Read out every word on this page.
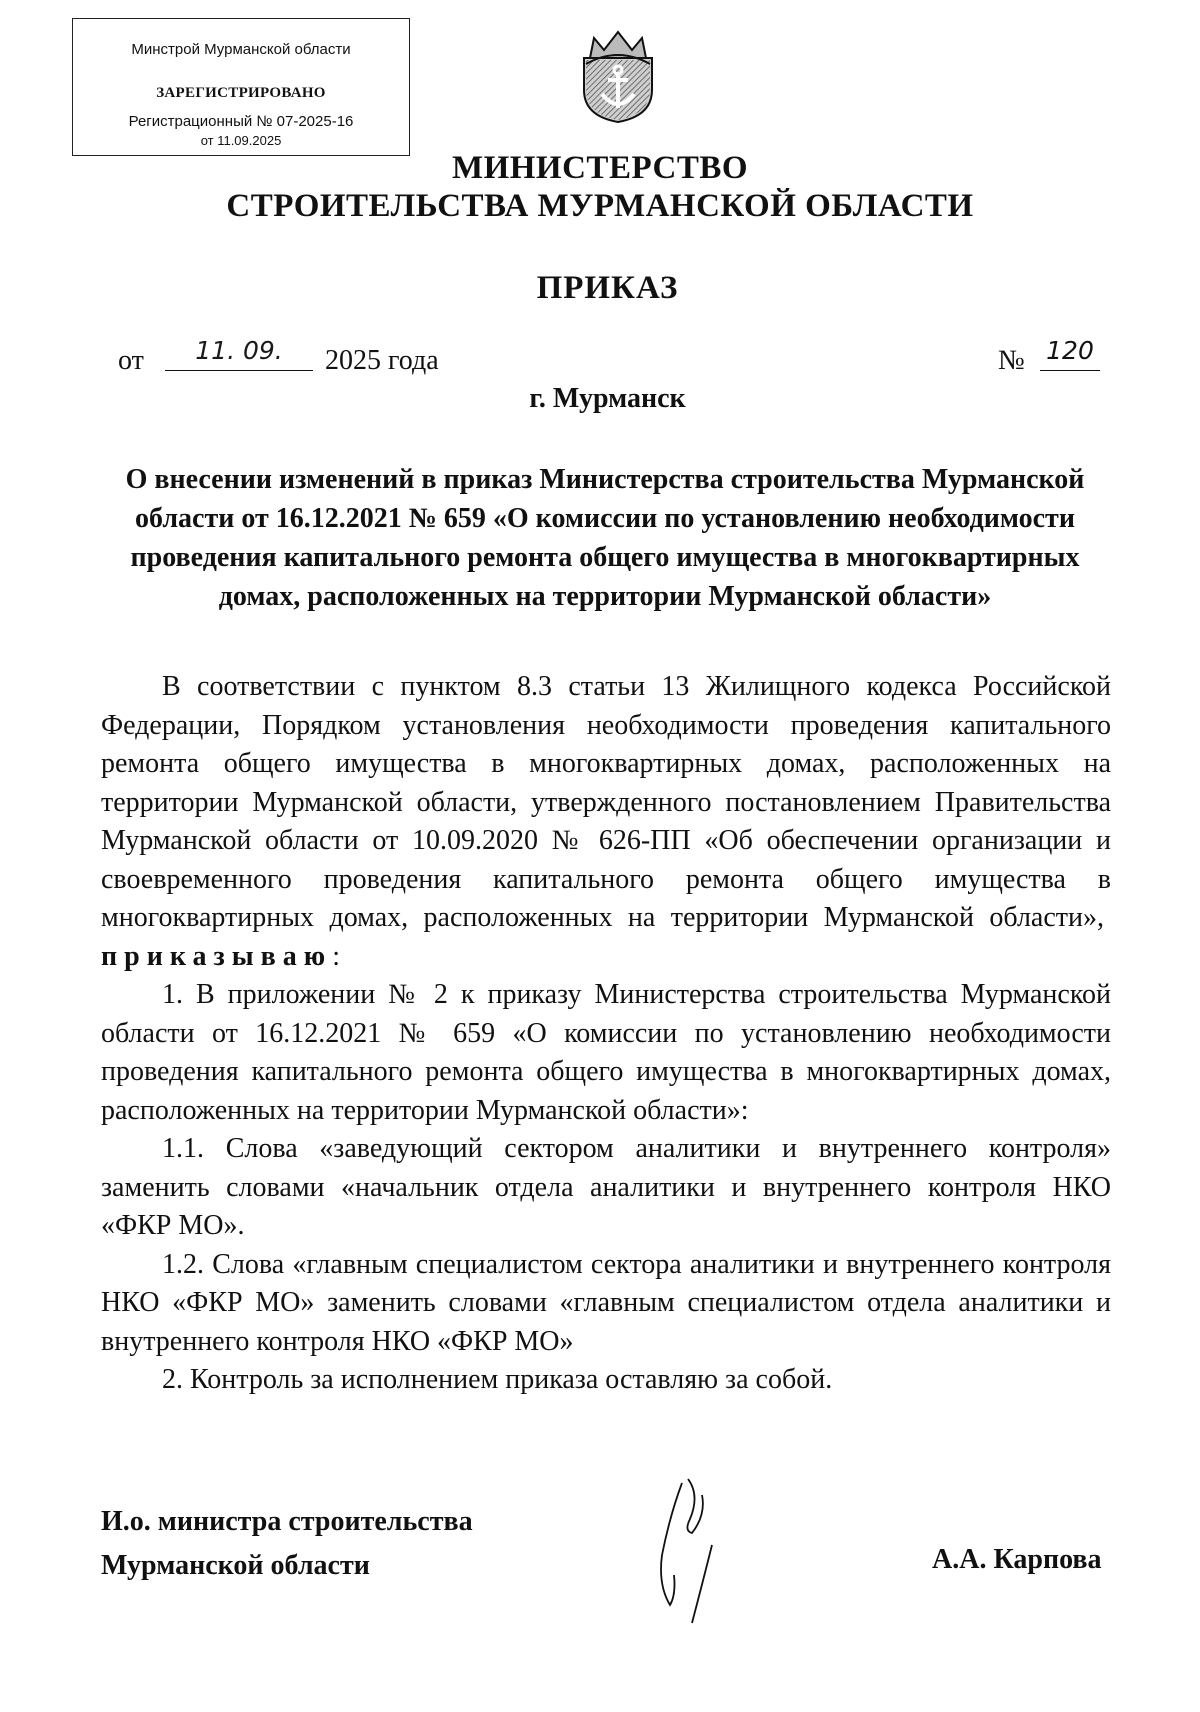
Минстрой Мурманской области
ЗАРЕГИСТРИРОВАНО
Регистрационный № 07-2025-16
от 11.09.2025
МИНИСТЕРСТВО
СТРОИТЕЛЬСТВА МУРМАНСКОЙ ОБЛАСТИ
ПРИКАЗ
от	11. 09.	2025 года	№ 120
г. Мурманск
О внесении изменений в приказ Министерства строительства Мурманской области от 16.12.2021 № 659 «О комиссии по установлению необходимости проведения капитального ремонта общего имущества в многоквартирных домах, расположенных на территории Мурманской области»

В соответствии с пунктом 8.3 статьи 13 Жилищного кодекса Российской Федерации, Порядком установления необходимости проведения капитального ремонта общего имущества в многоквартирных домах, расположенных на территории Мурманской области, утвержденного постановлением Правительства Мурманской области от 10.09.2020 № 626-ПП «Об обеспечении организации и своевременного проведения капитального ремонта общего имущества в многоквартирных домах, расположенных на территории Мурманской области»,  приказываю:

1. В приложении № 2 к приказу Министерства строительства Мурманской области от 16.12.2021 № 659 «О комиссии по установлению необходимости проведения капитального ремонта общего имущества в многоквартирных домах, расположенных на территории Мурманской области»:

1.1. Слова «заведующий сектором аналитики и внутреннего контроля» заменить словами «начальник отдела аналитики и внутреннего контроля НКО «ФКР МО».

1.2. Слова «главным специалистом сектора аналитики и внутреннего контроля НКО «ФКР МО» заменить словами «главным специалистом отдела аналитики и внутреннего контроля НКО «ФКР МО»

2. Контроль за исполнением приказа оставляю за собой.

И.о. министра строительства
Мурманской области	А.А. Карпова
